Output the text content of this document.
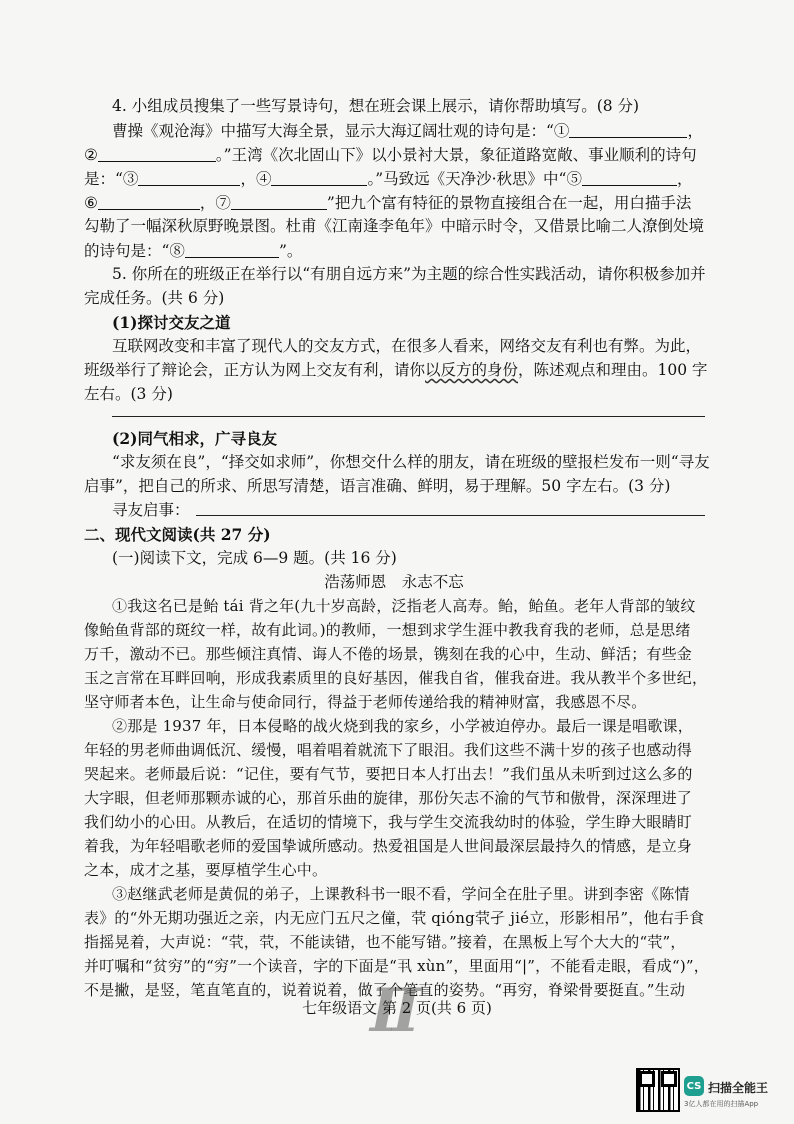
4. 小组成员搜集了一些写景诗句，想在班会课上展示，请你帮助填写。(8 分)
曹操《观沧海》中描写大海全景，显示大海辽阔壮观的诗句是：“①	，
②	。”王湾《次北固山下》以小景衬大景，象征道路宽敞、事业顺利的诗句
是：“③	，④	。”马致远《天净沙·秋思》中“⑤	，
⑥	，⑦	”把九个富有特征的景物直接组合在一起，用白描手法
勾勒了一幅深秋原野晚景图。杜甫《江南逢李龟年》中暗示时令，又借景比喻二人潦倒处境
的诗句是：“⑧	”。
5. 你所在的班级正在举行以“有朋自远方来”为主题的综合性实践活动，请你积极参加并
完成任务。(共 6 分)
(1)探讨交友之道
互联网改变和丰富了现代人的交友方式，在很多人看来，网络交友有利也有弊。为此，
班级举行了辩论会，正方认为网上交友有利，请你以反方的身份，陈述观点和理由。100 字
左右。(3 分)
(2)同气相求，广寻良友
“求友须在良”，“择交如求师”，你想交什么样的朋友，请在班级的壁报栏发布一则“寻友
启事”，把自己的所求、所思写清楚，语言准确、鲜明，易于理解。50 字左右。(3 分)
寻友启事：
二、现代文阅读(共 27 分)
(一)阅读下文，完成 6—9 题。(共 16 分)
浩荡师恩　永志不忘
①我这名已是鲐 tái 背之年(九十岁高龄，泛指老人高寿。鲐，鲐鱼。老年人背部的皱纹
像鲐鱼背部的斑纹一样，故有此词。)的教师，一想到求学生涯中教我育我的老师，总是思绪
万千，激动不已。那些倾注真情、诲人不倦的场景，镌刻在我的心中，生动、鲜活；有些金
玉之言常在耳畔回响，形成我素质里的良好基因，催我自省，催我奋进。我从教半个多世纪，
坚守师者本色，让生命与使命同行，得益于老师传递给我的精神财富，我感恩不尽。
②那是 1937 年，日本侵略的战火烧到我的家乡，小学被迫停办。最后一课是唱歌课，
年轻的男老师曲调低沉、缓慢，唱着唱着就流下了眼泪。我们这些不满十岁的孩子也感动得
哭起来。老师最后说：“记住，要有气节，要把日本人打出去！”我们虽从未听到过这么多的
大字眼，但老师那颗赤诚的心，那首乐曲的旋律，那份矢志不渝的气节和傲骨，深深理进了
我们幼小的心田。从教后，在适切的情境下，我与学生交流我幼时的体验，学生睁大眼睛盯
着我，为年轻唱歌老师的爱国挚诚所感动。热爱祖国是人世间最深层最持久的情感，是立身
之本，成才之基，要厚植学生心中。
③赵继武老师是黄侃的弟子，上课教科书一眼不看，学问全在肚子里。讲到李密《陈情
表》的“外无期功强近之亲，内无应门五尺之僮，茕 qióng茕孑 jié立，形影相吊”，他右手食
指摇晃着，大声说：“茕，茕，不能读错，也不能写错。”接着，在黑板上写个大大的“茕”，
并叮嘱和“贫穷”的“穷”一个读音，字的下面是“丮 xùn”，里面用“|”，不能看走眼，看成“)”，
不是撇，是竖，笔直笔直的，说着说着，做了个笔直的姿势。“再穷，脊梁骨要挺直。”生动
II
七年级语文 第 2 页(共 6 页)
CS 扫描全能王
3亿人都在用的扫描App
